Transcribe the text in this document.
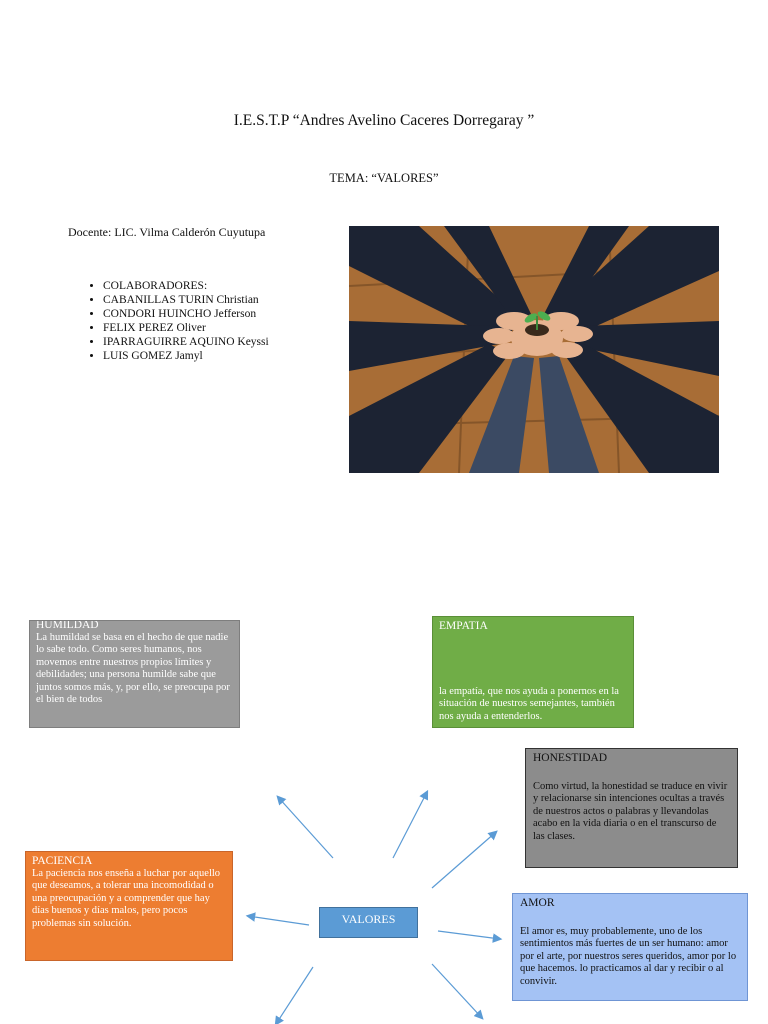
I.E.S.T.P “Andres Avelino Caceres Dorregaray ”
TEMA: “VALORES”
Docente: LIC. Vilma Calderón Cuyutupa
• COLABORADORES:
• CABANILLAS TURIN Christian
• CONDORI HUINCHO Jefferson
• FELIX PEREZ Oliver
• IPARRAGUIRRE AQUINO Keyssi
• LUIS GOMEZ Jamyl
HUMILDAD
La humildad se basa en el hecho de que nadie lo sabe todo. Como seres humanos, nos movemos entre nuestros propios límites y debilidades; una persona humilde sabe que juntos somos más, y, por ello, se preocupa por el bien de todos
EMPATIA
la empatía, que nos ayuda a ponernos en la situación de nuestros semejantes, también nos ayuda a entenderlos.
HONESTIDAD
Como virtud, la honestidad se traduce en vivir y relacionarse sin intenciones ocultas a través de nuestros actos o palabras y llevandolas acabo en la vida diaria o en el transcurso de las clases.
PACIENCIA
La paciencia nos enseña a luchar por aquello que deseamos, a tolerar una incomodidad o una preocupación y a comprender que hay días buenos y días malos, pero pocos problemas sin solución.	VALORES
AMOR
El amor es, muy probablemente, uno de los sentimientos más fuertes de un ser humano: amor por el arte, por nuestros seres queridos, amor por lo que hacemos. lo practicamos al dar y recibir o al convivir.
